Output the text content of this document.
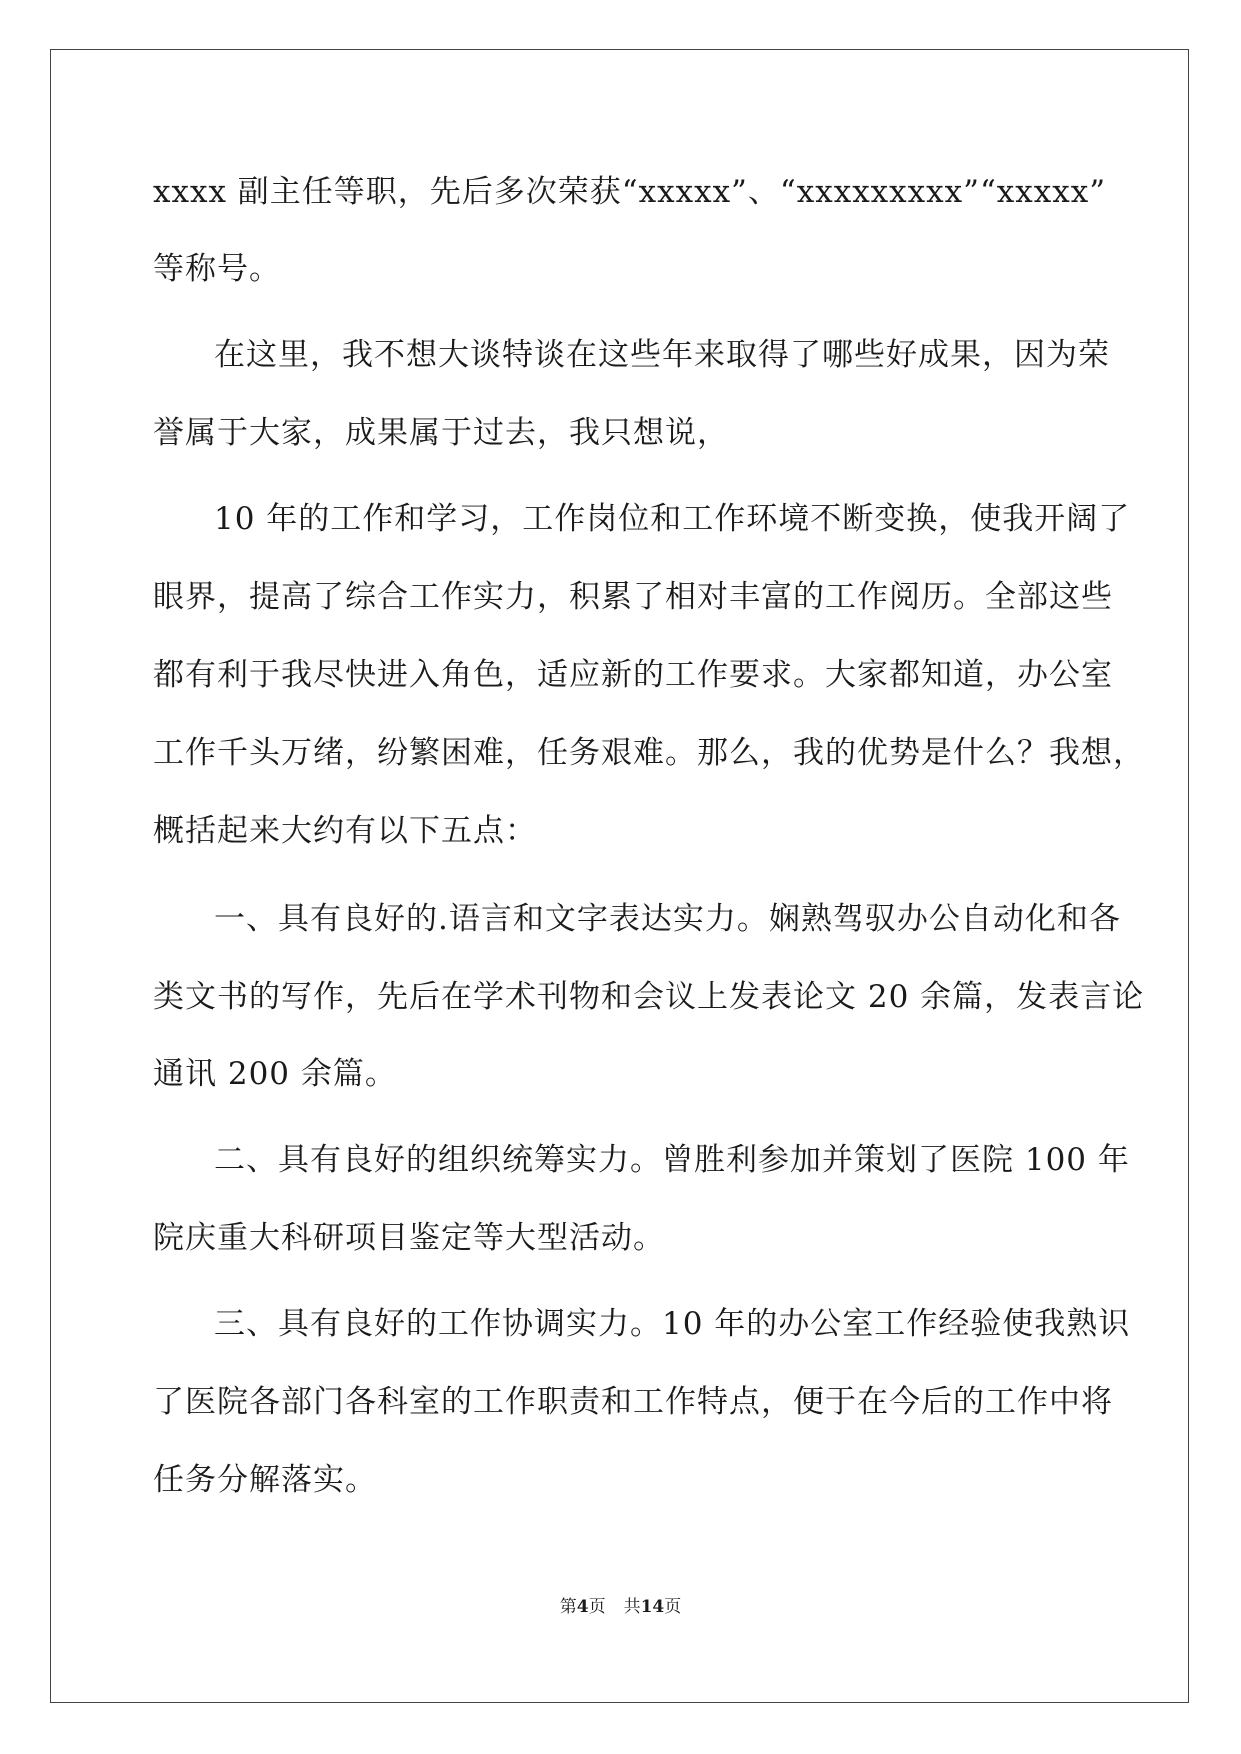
xxxx 副主任等职，先后多次荣获“xxxxx”、“xxxxxxxxx”“xxxxx”
等称号。
在这里，我不想大谈特谈在这些年来取得了哪些好成果，因为荣
誉属于大家，成果属于过去，我只想说，
10 年的工作和学习，工作岗位和工作环境不断变换，使我开阔了
眼界，提高了综合工作实力，积累了相对丰富的工作阅历。全部这些
都有利于我尽快进入角色，适应新的工作要求。大家都知道，办公室
工作千头万绪，纷繁困难，任务艰难。那么，我的优势是什么？我想，
概括起来大约有以下五点：
一、具有良好的.语言和文字表达实力。娴熟驾驭办公自动化和各
类文书的写作，先后在学术刊物和会议上发表论文 20 余篇，发表言论
通讯 200 余篇。
二、具有良好的组织统筹实力。曾胜利参加并策划了医院 100 年
院庆重大科研项目鉴定等大型活动。
三、具有良好的工作协调实力。10 年的办公室工作经验使我熟识
了医院各部门各科室的工作职责和工作特点，便于在今后的工作中将
任务分解落实。
第4页 共14页
